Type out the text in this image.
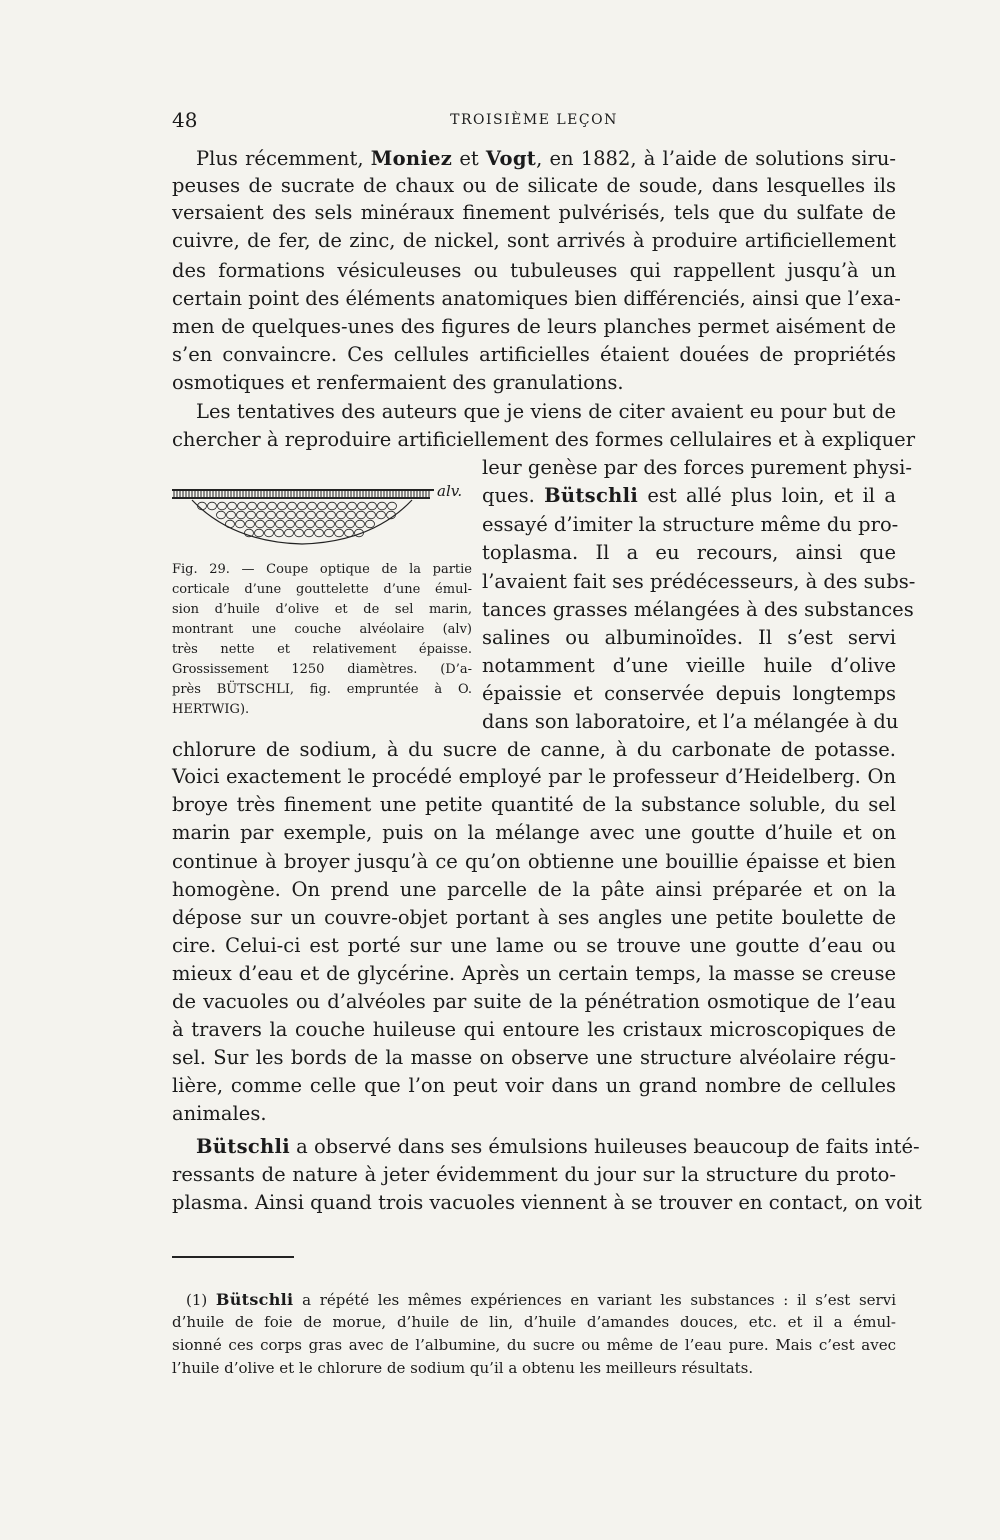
48	TROISIÈME LEÇON
Plus récemment, Moniez et Vogt, en 1882, à l’aide de solutions siru-
peuses de sucrate de chaux ou de silicate de soude, dans lesquelles ils
versaient des sels minéraux finement pulvérisés, tels que du sulfate de
cuivre, de fer, de zinc, de nickel, sont arrivés à produire artificiellement
des formations vésiculeuses ou tubuleuses qui rappellent jusqu’à un
certain point des éléments anatomiques bien différenciés, ainsi que l’exa-
men de quelques-unes des figures de leurs planches permet aisément de
s’en convaincre. Ces cellules artificielles étaient douées de propriétés
osmotiques et renfermaient des granulations.
Les tentatives des auteurs que je viens de citer avaient eu pour but de
chercher à reproduire artificiellement des formes cellulaires et à expliquer
alv.
leur genèse par des forces purement physi-
ques. Bütschli est allé plus loin, et il a
essayé d’imiter la structure même du pro-
toplasma. Il a eu recours, ainsi que
l’avaient fait ses prédécesseurs, à des subs-
tances grasses mélangées à des substances
salines ou albuminoïdes. Il s’est servi
notamment d’une vieille huile d’olive
épaissie et conservée depuis longtemps
dans son laboratoire, et l’a mélangée à du
Fig. 29. — Coupe optique de la partie
corticale d’une gouttelette d’une émul-
sion d’huile d’olive et de sel marin,
montrant une couche alvéolaire (alv)
très nette et relativement épaisse.
Grossissement 1250 diamètres. (D’a-
près BÜTSCHLI, fig. empruntée à O.
HERTWIG).
chlorure de sodium, à du sucre de canne, à du carbonate de potasse.
Voici exactement le procédé employé par le professeur d’Heidelberg. On
broye très finement une petite quantité de la substance soluble, du sel
marin par exemple, puis on la mélange avec une goutte d’huile et on
continue à broyer jusqu’à ce qu’on obtienne une bouillie épaisse et bien
homogène. On prend une parcelle de la pâte ainsi préparée et on la
dépose sur un couvre-objet portant à ses angles une petite boulette de
cire. Celui-ci est porté sur une lame ou se trouve une goutte d’eau ou
mieux d’eau et de glycérine. Après un certain temps, la masse se creuse
de vacuoles ou d’alvéoles par suite de la pénétration osmotique de l’eau
à travers la couche huileuse qui entoure les cristaux microscopiques de
sel. Sur les bords de la masse on observe une structure alvéolaire régu-
lière, comme celle que l’on peut voir dans un grand nombre de cellules
animales.
Bütschli a observé dans ses émulsions huileuses beaucoup de faits inté-
ressants de nature à jeter évidemment du jour sur la structure du proto-
plasma. Ainsi quand trois vacuoles viennent à se trouver en contact, on voit
(1) Bütschli a répété les mêmes expériences en variant les substances : il s’est servi
d’huile de foie de morue, d’huile de lin, d’huile d’amandes douces, etc. et il a émul-
sionné ces corps gras avec de l’albumine, du sucre ou même de l’eau pure. Mais c’est avec
l’huile d’olive et le chlorure de sodium qu’il a obtenu les meilleurs résultats.
